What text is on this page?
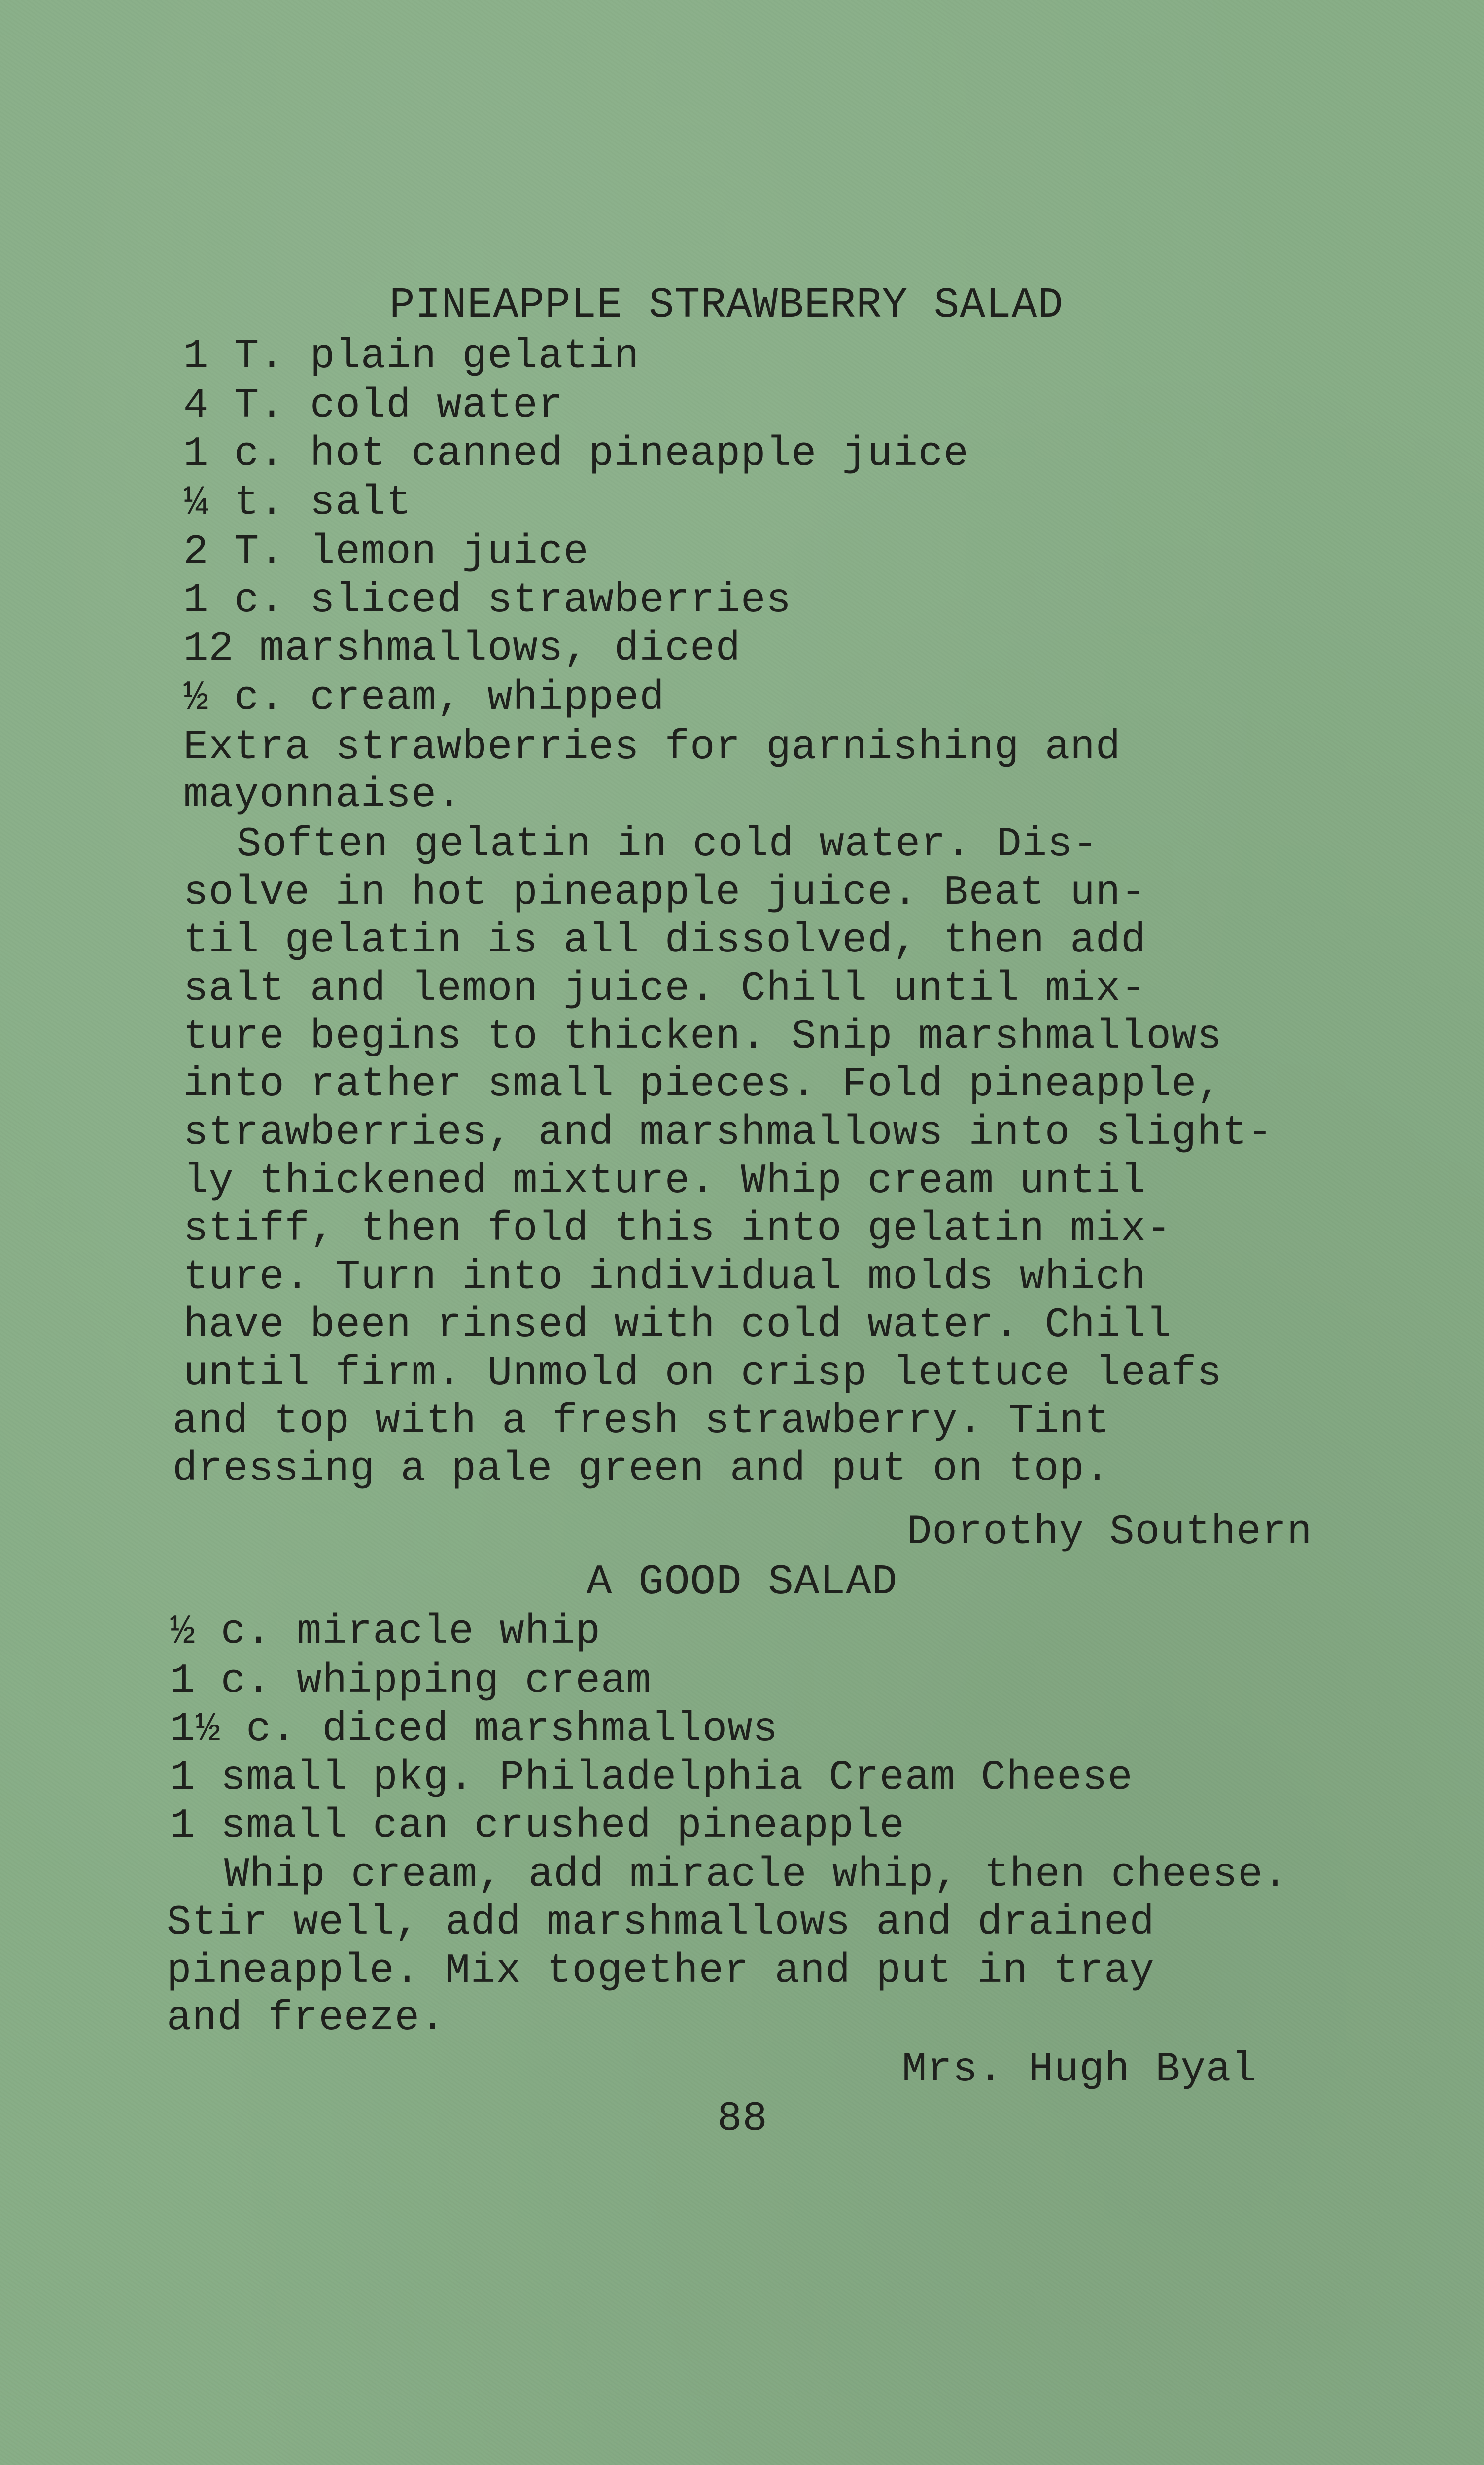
PINEAPPLE STRAWBERRY SALAD
1 T. plain gelatin
4 T. cold water
1 c. hot canned pineapple juice
¼ t. salt
2 T. lemon juice
1 c. sliced strawberries
12 marshmallows, diced
½ c. cream, whipped
Extra strawberries for garnishing and
mayonnaise.
Soften gelatin in cold water. Dis-
solve in hot pineapple juice. Beat un-
til gelatin is all dissolved, then add
salt and lemon juice. Chill until mix-
ture begins to thicken. Snip marshmallows
into rather small pieces. Fold pineapple,
strawberries, and marshmallows into slight-
ly thickened mixture. Whip cream until
stiff, then fold this into gelatin mix-
ture. Turn into individual molds which
have been rinsed with cold water. Chill
until firm. Unmold on crisp lettuce leafs
and top with a fresh strawberry. Tint
dressing a pale green and put on top.
Dorothy Southern
A GOOD SALAD
½ c. miracle whip
1 c. whipping cream
1½ c. diced marshmallows
1 small pkg. Philadelphia Cream Cheese
1 small can crushed pineapple
Whip cream, add miracle whip, then cheese.
Stir well, add marshmallows and drained
pineapple. Mix together and put in tray
and freeze.
Mrs. Hugh Byal
88
